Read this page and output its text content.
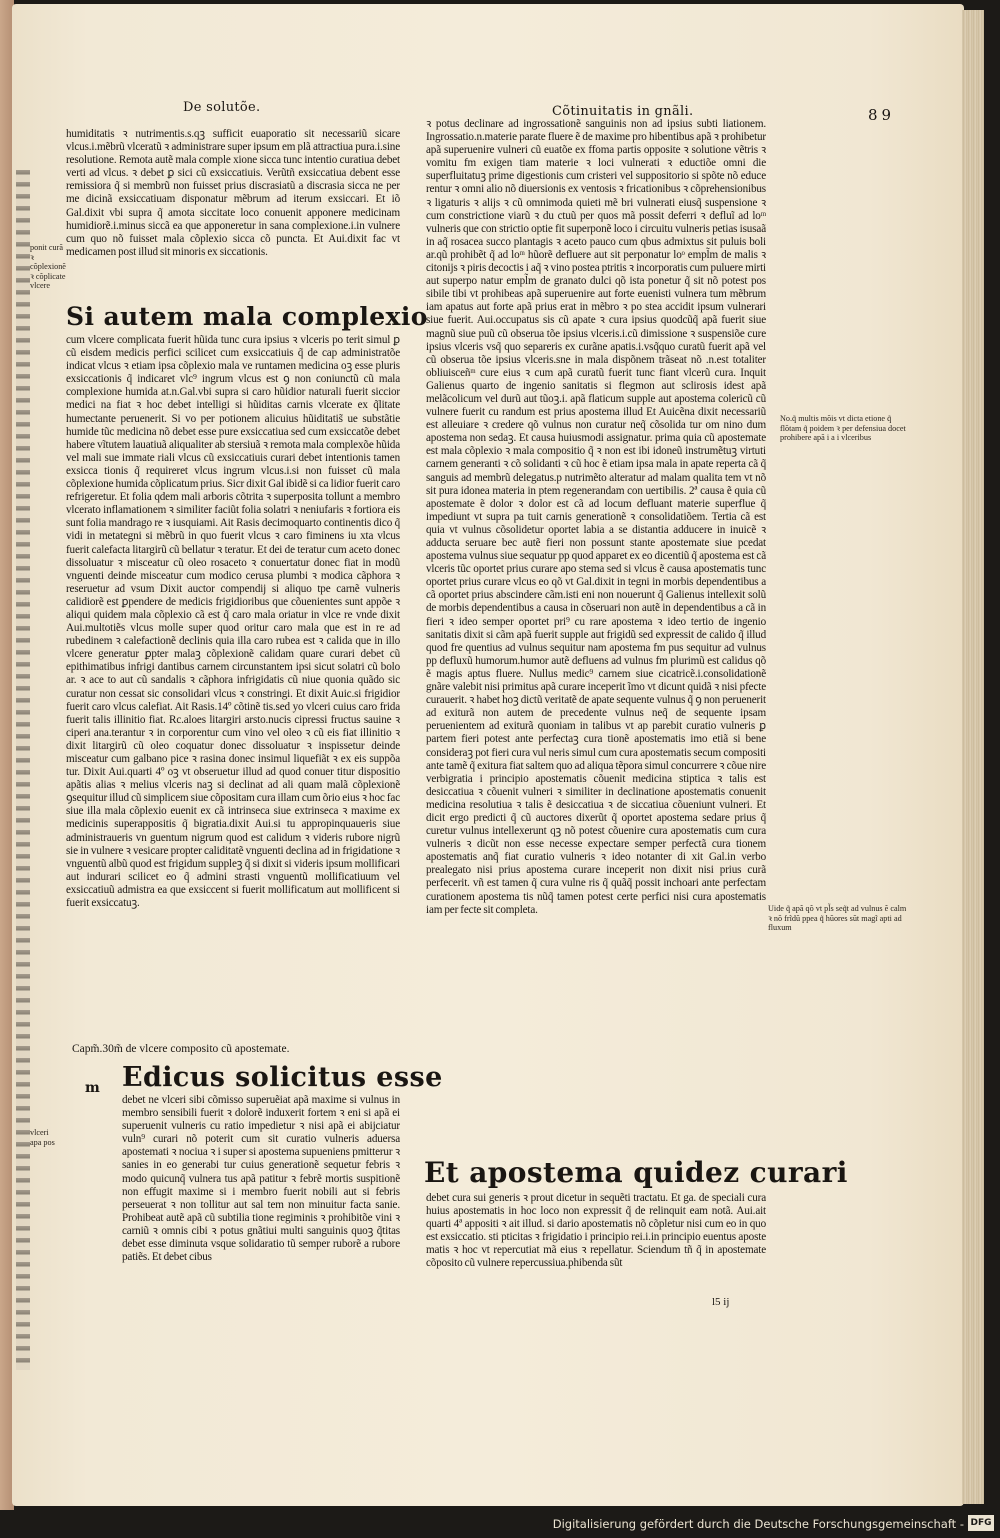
De solutõe.	Cõtinuitatis in gnãli.	89

humiditatis ꝛ nutrimentis.s.qꝫ sufficit euaporatio sit necessariũ sicare vlcus.i.mẽbrũ vlceratũ ꝛ administrare super ipsum em plã attractiua pura.i.sine resolutione. Remota autẽ mala comple xione sicca tunc intentio curatiua debet verti ad vlcus. ꝛ debet ꝑ sici cũ exsiccatiuis. Verũtñ exsiccatiua debent esse remissiora q̃ si membrũ non fuisset prius discrasiatũ a discrasia sicca ne per me dicinã exsiccatiuam disponatur mẽbrum ad iterum exsiccari. Et iõ Gal.dixit vbi supra q̃ amota siccitate loco conuenit apponere medicinam humidiorẽ.i.minus siccã ea que apponeretur in sana complexione.i.in vulnere cum quo nõ fuisset mala cõplexio sicca cõ puncta. Et Aui.dixit fac vt medicamen post illud sit minoris ex siccationis.

Si autem mala complexio

cum vlcere complicata fuerit hũida tunc cura ipsius ꝛ vlceris po terit simul ꝑ cũ eisdem medicis perfici scilicet cum exsiccatiuis q̃ de cap administratõe indicat vlcus ꝛ etiam ipsa cõplexio mala ve runtamen medicina oꝫ esse pluris exsiccationis q̃ indicaret vlc⁹ ingrum vlcus est ꝯ non coniunctũ cũ mala complexione humida at.n.Gal.vbi supra si caro hũidior naturali fuerit siccior medici na fiat ꝛ hoc debet intelligi si hũiditas carnis vlcerate ex q̃litate humectante peruenerit. Si vo per potionem alicuius hũiditatis̃ ue substãtie humide tũc medicina nõ debet esse pure exsiccatiua sed cum exsiccatõe debet habere vĩtutem lauatiuã aliqualiter ab stersiuã ꝛ remota mala complexõe hũida vel mali sue immate riali vlcus cũ exsiccatiuis curari debet intentionis tamen exsicca tionis q̃ requireret vlcus ingrum vlcus.i.si non fuisset cũ mala cõplexione humida cõplicatum prius. Sicr dixit Gal ibidẽ si ca lidior fuerit caro refrigeretur. Et folia qdem mali arboris cõtrita ꝛ superposita tollunt a membro vlcerato inflamationem ꝛ similiter faciũt folia solatri ꝛ neniufaris ꝛ fortiora eis sunt folia mandrago re ꝛ iusquiami. Ait Rasis decimoquarto continentis dico q̃ vidi in metategni si mẽbrũ in quo fuerit vlcus ꝛ caro fiminens iu xta vlcus fuerit calefacta litargirũ cũ bellatur ꝛ teratur. Et dei de teratur cum aceto donec dissoluatur ꝛ misceatur cũ oleo rosaceto ꝛ conuertatur donec fiat in modũ vnguenti deinde misceatur cum modico cerusa plumbi ꝛ modica cãphora ꝛ reseruetur ad vsum Dixit auctor compendij si aliquo tpe carnẽ vulneris calidiorẽ est ꝑpendere de medicis frigidioribus que cõuenientes sunt appõe ꝛ aliqui quidem mala cõplexio cã est q̃ caro mala oriatur in vlce re vnde dixit Aui.multotiẽs vlcus molle super quod oritur caro mala que est in re ad rubedinem ꝛ calefactionẽ declinis quia illa caro rubea est ꝛ calida que in illo vlcere generatur ꝑpter malaꝫ cõplexionẽ calidam quare curari debet cũ epithimatibus infrigi dantibus carnem circunstantem ipsi sicut solatri cũ bolo ar. ꝛ ace to aut cũ sandalis ꝛ cãphora infrigidatis cũ niue quonia quãdo sic curatur non cessat sic consolidari vlcus ꝛ constringi. Et dixit Auic.si frigidior fuerit caro vlcus calefiat. Ait Rasis.14º cõtinẽ tis.sed yo vlceri cuius caro frida fuerit talis illinitio fiat. Rc.aloes litargiri arsto.nucis cipressi fructus sauine ꝛ ciperi ana.terantur ꝛ in corporentur cum vino vel oleo ꝛ cũ eis fiat illinitio ꝛ dixit litargirũ cũ oleo coquatur donec dissoluatur ꝛ inspissetur deinde misceatur cum galbano pice ꝛ rasina donec insimul liquefiãt ꝛ ex eis suppõa tur. Dixit Aui.quarti 4º oꝫ vt obseruetur illud ad quod conuer titur dispositio apãtis alias ꝛ melius vlceris naꝫ si declinat ad ali quam malã cõplexionẽ ꝯsequitur illud cũ simplicem siue cõpositam cura illam cum õrio eius ꝛ hoc fac siue illa mala cõplexio euenit ex cã intrinseca siue extrinseca ꝛ maxime ex medicinis superappositis q̃ bigratia.dixit Aui.si tu appropinquaueris siue administraueris vn guentum nigrum quod est calidum ꝛ videris rubore nigrũ sie in vulnere ꝛ vesicare propter caliditatẽ vnguenti declina ad in frigidatione ꝛ vnguentũ albũ quod est frigidum suppleꝫ q̃ si dixit si videris ipsum mollificari aut indurari scilicet eo q̃ admini strasti vnguentũ mollificatiuum vel exsiccatiuũ admistra ea que exsiccent si fuerit mollificatum aut mollificent si fuerit exsiccatuꝫ.

Capm̃.30m̃ de vlcere composito cũ apostemate.

m Edicus solicitus esse

debet ne vlceri sibi cõmisso superuẽiat apã maxime si vulnus in membro sensibili fuerit ꝛ dolorẽ induxerit fortem ꝛ eni si apã ei superuenit vulneris cu ratio impedietur ꝛ nisi apã ei abijciatur vuln⁹ curari nõ poterit cum sit curatio vulneris aduersa apostemati ꝛ nociua ꝛ i super si apostema supueniens pmitterur ꝛ sanies in eo generabi tur cuius generationẽ sequetur febris ꝛ modo quicunq̃ vulnera tus apã patitur ꝛ febrẽ mortis suspitionẽ non effugit maxime si i membro fuerit nobili aut si febris perseuerat ꝛ non tollitur aut sal tem non minuitur facta sanie. Prohibeat autẽ apã cũ subtilia tione regiminis ꝛ prohibitõe vini ꝛ carniũ ꝛ omnis cibi ꝛ potus gnãtiui multi sanguinis quoꝫ q̃titas debet esse diminuta vsque solidaratio tũ semper ruborẽ a rubore patiẽs. Et debet cibus

ponit curã ꝛ cõplexionẽ ꝛ cõplicate vlcere

vlceri apa pos

ꝛ potus declinare ad ingrossationẽ sanguinis non ad ipsius subti liationem. Ingrossatio.n.materie parate fluere ẽ de maxime pro hibentibus apã ꝛ prohibetur apã superuenire vulneri cũ euatõe ex ffoma partis opposite ꝛ solutione vẽtris ꝛ vomitu fm exigen tiam materie ꝛ loci vulnerati ꝛ eductiõe omni die superfluitatuꝫ prime digestionis cum cristeri vel suppositorio si spõte nõ educe rentur ꝛ omni alio nõ diuersionis ex ventosis ꝛ fricationibus ꝛ cõprehensionibus ꝛ ligaturis ꝛ alijs ꝛ cũ omnimoda quieti mẽ bri vulnerati eiusq̃ suspensione ꝛ cum constrictione viarũ ꝛ du ctuũ per quos mã possit deferri ꝛ defluĩ ad loᵐ vulneris que con strictio optie fit superponẽ loco i circuitu vulneris petias isusaã in aq̃ rosacea succo plantagis ꝛ aceto pauco cum qbus admixtus sit puluis boli ar.qũ prohibẽt q̃ ad loᵐ hũorẽ defluere aut sit perponatur loᵒ empl̃m de malis ꝛ citonijs ꝛ piris decoctis i aq̃ ꝛ vino postea ptritis ꝛ incorporatis cum puluere mirti aut superpo natur empl̃m de granato dulci qõ ista ponetur q̃ sit nõ potest pos sibile tibi vt prohibeas apã superuenire aut forte euenisti vulnera tum mẽbrum iam apatus aut forte apã prius erat in mẽbro ꝛ po stea accidit ipsum vulnerari siue fuerit. Aui.occupatus sis cũ apate ꝛ cura ipsius quodcũq̃ apã fuerit siue magnũ siue puũ cũ obserua tõe ipsius vlceris.i.cũ dimissione ꝛ suspensiõe cure ipsius vlceris vsq̃ quo separeris ex curãne apatis.i.vsq̃quo curatũ fuerit apã vel cũ obserua tõe ipsius vlceris.sne in mala dispõnem trãseat nõ .n.est totaliter obliuisceñᵐ cure eius ꝛ cum apã curatũ fuerit tunc fiant vlcerũ cura. Inquit Galienus quarto de ingenio sanitatis si flegmon aut sclirosis idest apã melãcolicum vel durũ aut tũoꝫ.i. apã flaticum supple aut apostema colericũ cũ vulnere fuerit cu randum est prius apostema illud Et Auicẽna dixit necessariũ est alleuiare ꝛ credere qõ vulnus non curatur neq̃ cõsolida tur om nino dum apostema non sedaꝫ. Et causa huiusmodi assignatur. prima quia cũ apostemate est mala cõplexio ꝛ mala compositio q̃ ꝛ non est ibi idoneũ instrumẽtuꝫ virtuti carnem generanti ꝛ cõ solidanti ꝛ cũ hoc ẽ etiam ipsa mala in apate reperta cã q̃ sanguis ad membrũ delegatus.p nutrimẽto alteratur ad malam qualita tem vt nõ sit pura idonea materia in ptem regenerandam con uertibilis. 2ª causa ẽ quia cũ apostemate ẽ dolor ꝛ dolor est cã ad locum defluant materie superflue q̃ impediunt vt supra pa tuit carnis generationẽ ꝛ consolidatiõem. Tertia cã est quia vt vulnus cõsolidetur oportet labia a se distantia adducere in inuicẽ ꝛ adducta seruare bec autẽ fieri non possunt stante apostemate siue pcedat apostema vulnus siue sequatur pp quod apparet ex eo dicentiũ q̃ apostema est cã vlceris tũc oportet prius curare apo stema sed si vlcus ẽ causa apostematis tunc oportet prius curare vlcus eo qõ vt Gal.dixit in tegni in morbis dependentibus a cã oportet prius abscindere cãm.isti eni non nouerunt q̃ Galienus intellexit solũ de morbis dependentibus a causa in cõseruari non autẽ in dependentibus a cã in fieri ꝛ ideo semper oportet pri⁹ cu rare apostema ꝛ ideo tertio de ingenio sanitatis dixit si cãm apã fuerit supple aut frigidũ sed expressit de calido q̃ illud quod fre quentius ad vulnus sequitur nam apostema fm pus sequitur ad vulnus pp defluxũ humorum.humor autẽ defluens ad vulnus fm plurimũ est calidus qõ ẽ magis aptus fluere. Nullus medic⁹ carnem siue cicatricẽ.i.consolidationẽ gnãre valebit nisi primitus apã curare inceperit ĩmo vt dicunt quidã ꝛ nisi pfecte curauerit. ꝛ habet hoꝫ dictũ veritatẽ de apate sequente vulnus q̃ ꝯ non peruenerit ad exiturã non autem de precedente vulnus neq̃ de sequente ipsam peruenientem ad exiturã quoniam in talibus vt ap parebit curatio vulneris ꝑ partem fieri potest ante perfectaꝫ cura tionẽ apostematis imo etiã si bene consideraꝫ pot fieri cura vul neris simul cum cura apostematis secum compositi ante tamẽ q̃ exitura fiat saltem quo ad aliqua tẽpora simul concurrere ꝛ cõue nire verbigratia i principio apostematis cõuenit medicina stiptica ꝛ talis est desiccatiua ꝛ cõuenit vulneri ꝛ similiter in declinatione apostematis conuenit medicina resolutiua ꝛ talis ẽ desiccatiua ꝛ de siccatiua cõueniunt vulneri. Et dicit ergo predicti q̃ cũ auctores dixerũt q̃ oportet apostema sedare prius q̃ curetur vulnus intellexerunt qꝫ nõ potest cõuenire cura apostematis cum cura vulneris ꝛ dicũt non esse necesse expectare semper perfectã cura tionem apostematis anq̃ fiat curatio vulneris ꝛ ideo notanter di xit Gal.in verbo prealegato nisi prius apostema curare inceperit non dixit nisi prius curã perfecerit. vñ est tamen q̃ cura vulne ris q̃ quãq̃ possit inchoari ante perfectam curationem apostema tis nũq̃ tamen potest certe perfici nisi cura apostematis iam per fecte sit completa.

Et apostema quidez curari

debet cura sui generis ꝛ prout dicetur in sequẽti tractatu. Et ga. de speciali cura huius apostematis in hoc loco non expressit q̃ de relinquit eam notã. Aui.ait quarti 4ª appositi ꝛ ait illud. si dario apostematis nõ cõpletur nisi cum eo in quo est exsiccatio. sti pticitas ꝛ frigidatio i principio rei.i.in principio euentus aposte matis ꝛ hoc vt repercutiat mã eius ꝛ repellatur. Sciendum tñ q̃ in apostemate cõposito cũ vulnere repercussiua.phibenda sũt

l5 ij

No.q̃ multis mõis vt dicta etione q̃ flõtam q̃ poidem ꝛ per defensiua docet prohibere apã i a i vlceribus

Uide q̃ apã qõ vt pl̃s seq̃t ad vulnus ẽ calm ꝛ nõ frĩdũ ppea q̃ hũores sũt magĩ apti ad fluxum

Digitalisierung gefördert durch die Deutsche Forschungsgemeinschaft - DFG
